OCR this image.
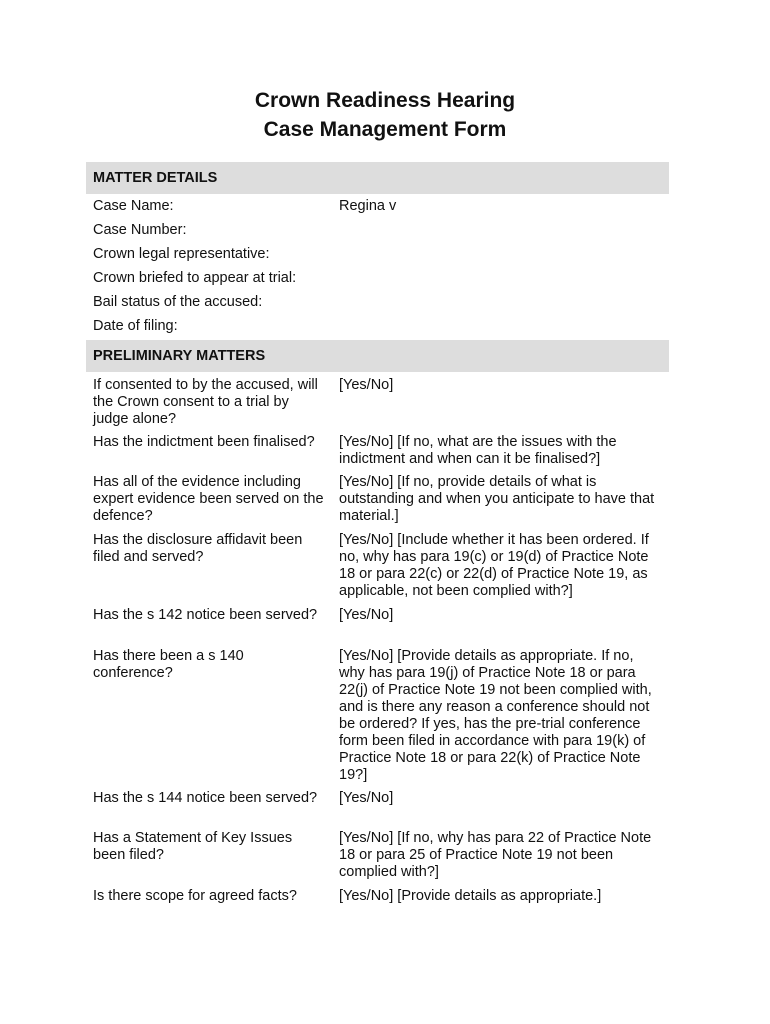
Crown Readiness Hearing
Case Management Form
MATTER DETAILS
Case Name:	Regina v
Case Number:
Crown legal representative:
Crown briefed to appear at trial:
Bail status of the accused:
Date of filing:
PRELIMINARY MATTERS
If consented to by the accused, will the Crown consent to a trial by judge alone?
[Yes/No]
Has the indictment been finalised?	[Yes/No] [If no, what are the issues with the indictment and when can it be finalised?]
Has all of the evidence including expert evidence been served on the defence?
[Yes/No] [If no, provide details of what is outstanding and when you anticipate to have that material.]
Has the disclosure affidavit been filed and served?
[Yes/No] [Include whether it has been ordered. If no, why has para 19(c) or 19(d) of Practice Note 18 or para 22(c) or 22(d) of Practice Note 19, as applicable, not been complied with?]
Has the s 142 notice been served?	[Yes/No]
Has there been a s 140 conference?
[Yes/No] [Provide details as appropriate. If no, why has para 19(j) of Practice Note 18 or para 22(j) of Practice Note 19 not been complied with, and is there any reason a conference should not be ordered? If yes, has the pre-trial conference form been filed in accordance with para 19(k) of Practice Note 18 or para 22(k) of Practice Note 19?]
Has the s 144 notice been served?	[Yes/No]
Has a Statement of Key Issues been filed?
[Yes/No] [If no, why has para 22 of Practice Note 18 or para 25 of Practice Note 19 not been complied with?]
Is there scope for agreed facts?	[Yes/No] [Provide details as appropriate.]
